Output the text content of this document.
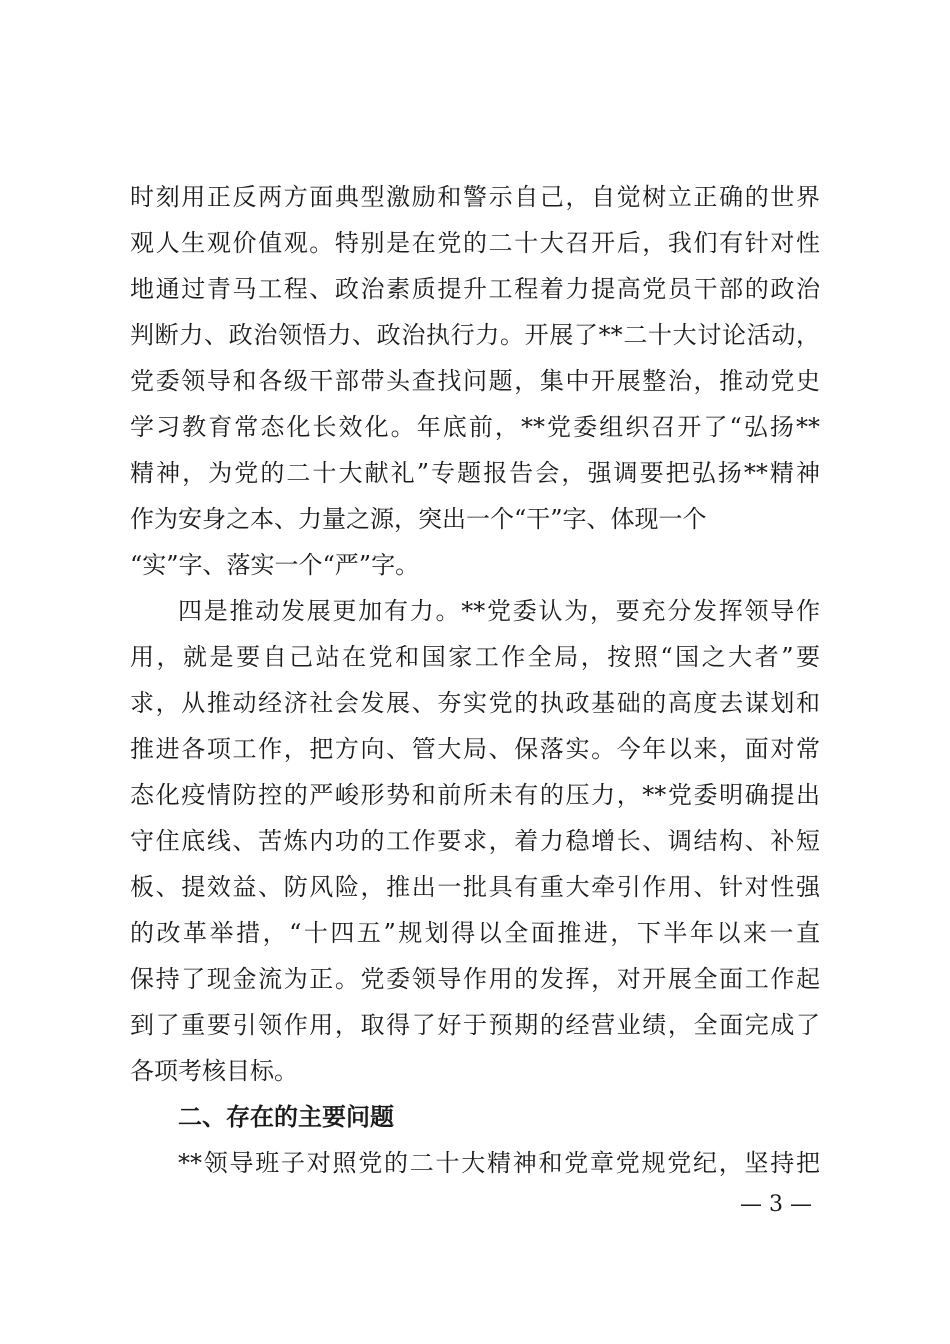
时刻用正反两方面典型激励和警示自己，自觉树立正确的世界
观人生观价值观。特别是在党的二十大召开后，我们有针对性
地通过青马工程、政治素质提升工程着力提高党员干部的政治
判断力、政治领悟力、政治执行力。开展了**二十大讨论活动，
党委领导和各级干部带头查找问题，集中开展整治，推动党史
学习教育常态化长效化。年底前，**党委组织召开了“弘扬**
精神，为党的二十大献礼”专题报告会，强调要把弘扬**精神
作为安身之本、力量之源，突出一个“干”字、体现一个
“实”字、落实一个“严”字。
四是推动发展更加有力。**党委认为，要充分发挥领导作
用，就是要自己站在党和国家工作全局，按照“国之大者”要
求，从推动经济社会发展、夯实党的执政基础的高度去谋划和
推进各项工作，把方向、管大局、保落实。今年以来，面对常
态化疫情防控的严峻形势和前所未有的压力，**党委明确提出
守住底线、苦炼内功的工作要求，着力稳增长、调结构、补短
板、提效益、防风险，推出一批具有重大牵引作用、针对性强
的改革举措，“十四五”规划得以全面推进，下半年以来一直
保持了现金流为正。党委领导作用的发挥，对开展全面工作起
到了重要引领作用，取得了好于预期的经营业绩，全面完成了
各项考核目标。
二、存在的主要问题
**领导班子对照党的二十大精神和党章党规党纪，坚持把
— 3 —
